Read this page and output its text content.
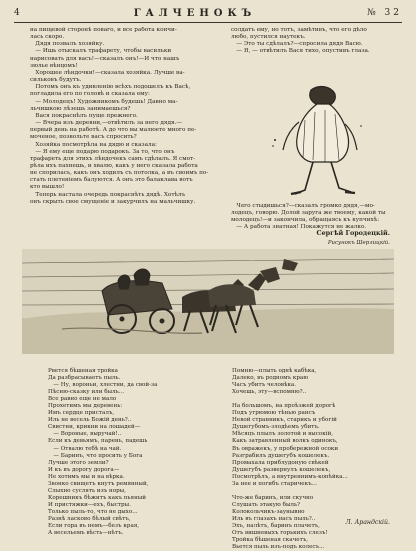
4	ГАЛЧЕНОКЪ	№ 32
на пищевой сторонѣ поваго, и все работа кончи-
лась скоро.
Дядя позвалъ хозяйку.
— Ишь отыскалъ трафарету, чтобы васильки
нарисовать для васъ!—сказалъ онъ!—И что нашъ
зюлье вѣнцомъ!
Хорошее лѣндочки!—сказала хозяйка. Лучше ва-
сильковъ будутъ.
Потомъ онъ къ удивленію всѣхъ подошелъ къ Васѣ,
погладила его по головѣ и сказала ему:
— Молодецъ! Художникомъ будешь! Давно ма-
льчишкою лѣзешь занимаешься?
Вася покраснѣлъ пуще прежнего.
— Вчера изъ деревни,—отвѣтилъ за него дядя.—
первый день на работѣ. А до что вы малюете много пе-
моченое, позвольте васъ спросить?
Хозяйка посмотрѣла на дядю и сказала:
— Я ему еще подарю подарокъ. За то, что онъ
трафареть для этихъ лѣндочекъ самъ сдѣлалъ. Я смот-
рѣла ихъ пахнешь, и хвалю, какъ у него сказала работа
не спорилась, какъ онъ ходилъ съ потолка, а въ своимъ по-
стать плетеніемъ балуются. А онъ это балаклава вотъ
кто вышло!
Теперь настала очередь покраснѣть дядѣ. Хотѣлъ
онъ скрыть свое смущеніе и закурчилъ на мальчишку.
солдатъ ему, но тотъ, замѣтивъ, что его дѣло
любо, пустился наутекъ.
— Это ты сдѣлалъ?—спросила дядя Васю.
— Я, — отвѣтилъ Вася тихо, опустивъ глаза.
Чего стыдишься?—сказалъ громко дядя,—мо-
лодецъ, говорю. Долой заруга же твоему, какой ты
молодецъ!—и закончила, обращаясь къ купчихѣ:
— А работа знатная! Покажутся не жалко.
Сергѣй Городецкій.
Рисунокъ Шерлицкій.
Рвется бѣшеная тройка
Да разбрасываетъ пыль.
— Ну, вороньи, хлестни, да свой-за
Пѣсню-сказку или быль...
Все равно еще не мало
Прохетимъ мы деревень:
Имъ сердце присталъ,
Иль не весель Божій день?..
Свистни, крикни на лошадей—
— Вороные, выручай!..
Если къ девьямъ, парень, падешь
— Отвалю тебѣ на чай.
— Баринъ, что просить у Бога
Лучше этого земли?
И къ въ дорогу дорога—
Не хотимъ мы и на вѣрка.
Звонко свищетъ кнутъ ремянный,
Слыхно суслять изъ норы,
Корешникъ бѣжитъ какъ пьяный
И пристяжки—ехъ, быстры.
Только пыль-то, что не дыхо...
Разнѣ ласково бѣлый свѣтъ,
Если гора въ немъ—безъ края,
А весельемъ вѣсть—нѣтъ.
Помню—плыть однѣ кабѣка,
Далеко, въ родномъ краю
Часъ убитъ человѣка.
Хочешь, эту—вспомню?..

На большомъ, на проѣзжей дорогѣ
Подъ угрюмою тѣнью рансъ
Невой странникъ, старикъ и убогій
Душегубомъ-злодѣемъ убитъ.
Мѣсяцъ плылъ золотой и высокій,
Какъ затравленный волкъ одинокъ,
Въ овражекъ, у пробережной осоки
Разграбилъ душегубъ кошелекъ.
Промахала приблудоную свѣкей
Душегубъ развернулъ кошелекъ,
Посмотрѣлъ, а внутреннимъ-копѣйка...
За нее и погибъ старичекъ...

Что-же баринъ, или скучно
Слушать этакую быль?
Колокольчикъ-заунывно
Иль въ глазахъ насъ пыль?..
Эхъ, налѣтъ, баринъ плачетъ,
Отъ вишневыхъ горькихъ слезъ!
Тройка бѣшеная скачетъ,
Вьется пыль изъ-подъ колесъ...
Л. Арандскій.
